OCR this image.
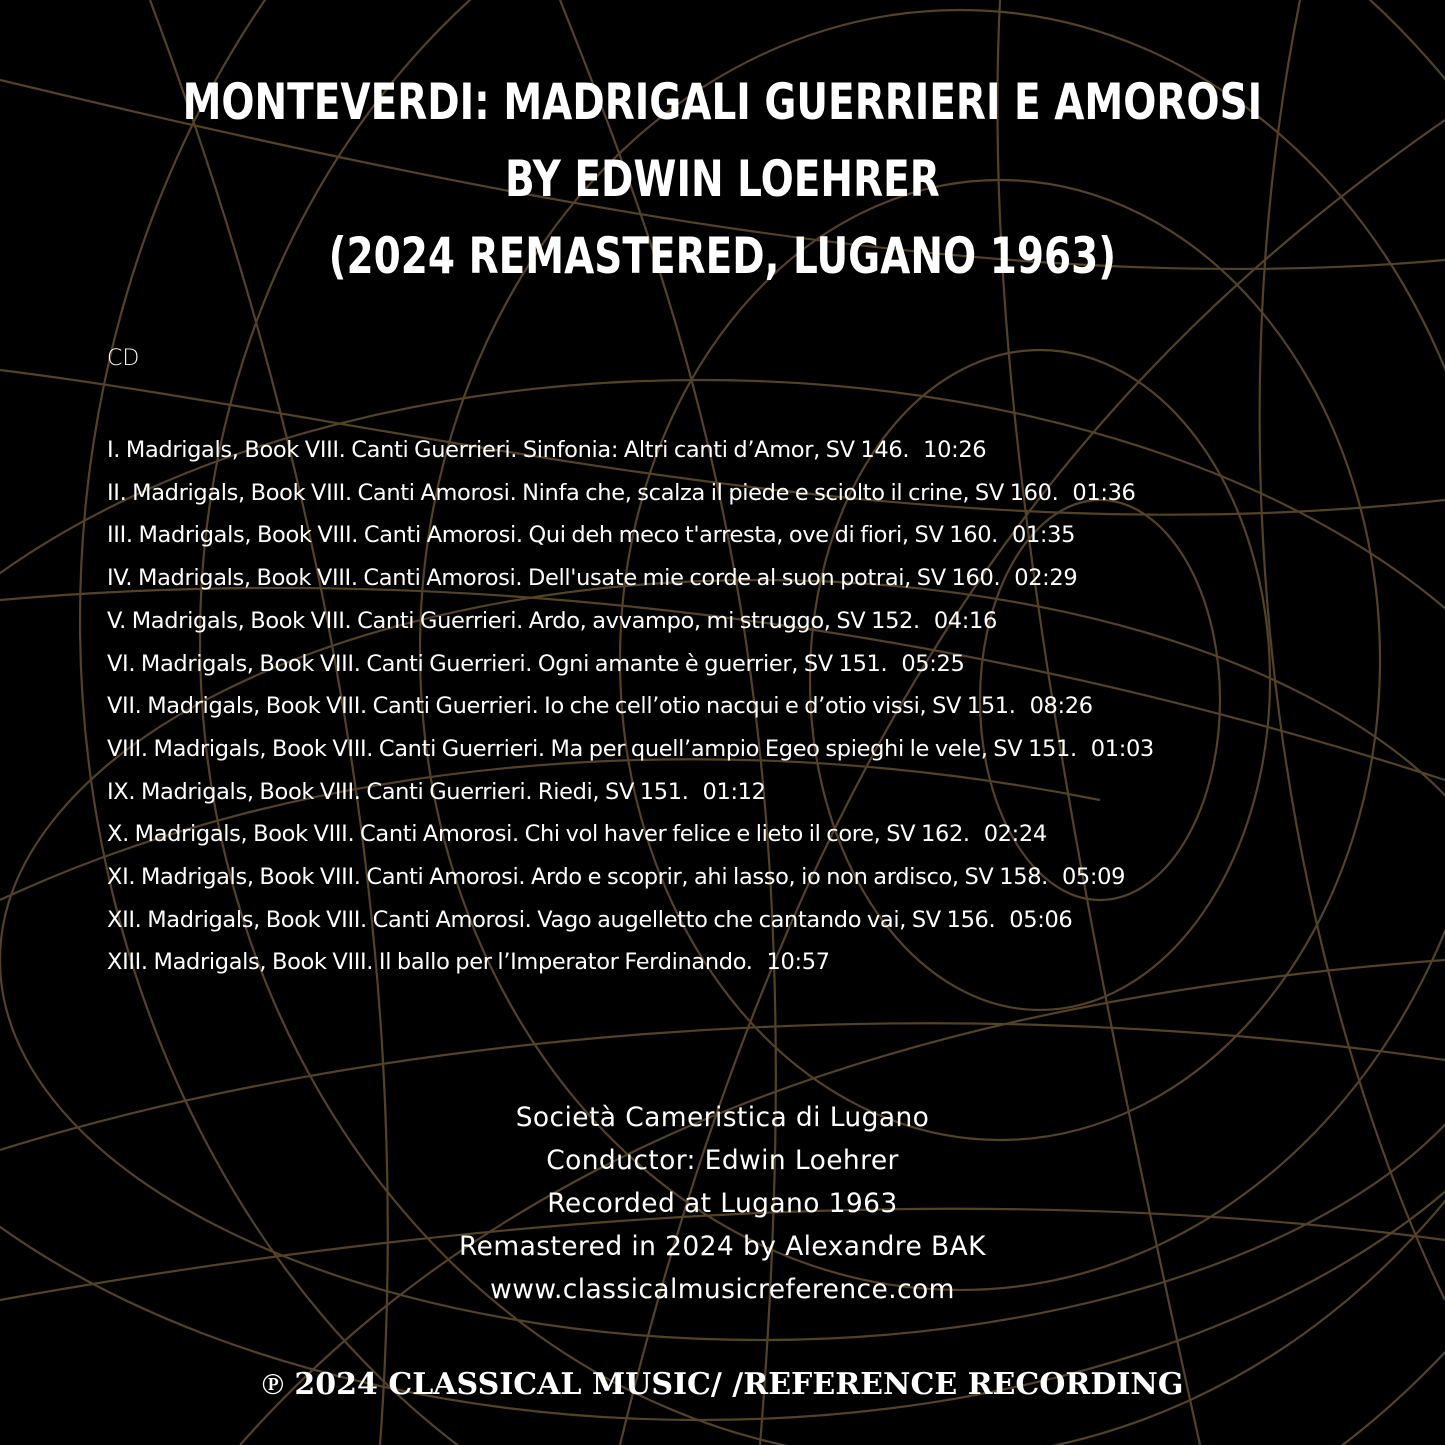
MONTEVERDI: MADRIGALI GUERRIERI E AMOROSI
BY EDWIN LOEHRER
(2024 REMASTERED, LUGANO 1963)
CD
I. Madrigals, Book VIII. Canti Guerrieri. Sinfonia: Altri canti d’Amor, SV 146. 10:26
II. Madrigals, Book VIII. Canti Amorosi. Ninfa che, scalza il piede e sciolto il crine, SV 160. 01:36
III. Madrigals, Book VIII. Canti Amorosi. Qui deh meco t'arresta, ove di fiori, SV 160. 01:35
IV. Madrigals, Book VIII. Canti Amorosi. Dell'usate mie corde al suon potrai, SV 160. 02:29
V. Madrigals, Book VIII. Canti Guerrieri. Ardo, avvampo, mi struggo, SV 152. 04:16
VI. Madrigals, Book VIII. Canti Guerrieri. Ogni amante è guerrier, SV 151. 05:25
VII. Madrigals, Book VIII. Canti Guerrieri. Io che cell’otio nacqui e d’otio vissi, SV 151. 08:26
VIII. Madrigals, Book VIII. Canti Guerrieri. Ma per quell’ampio Egeo spieghi le vele, SV 151. 01:03
IX. Madrigals, Book VIII. Canti Guerrieri. Riedi, SV 151. 01:12
X. Madrigals, Book VIII. Canti Amorosi. Chi vol haver felice e lieto il core, SV 162. 02:24
XI. Madrigals, Book VIII. Canti Amorosi. Ardo e scoprir, ahi lasso, io non ardisco, SV 158. 05:09
XII. Madrigals, Book VIII. Canti Amorosi. Vago augelletto che cantando vai, SV 156. 05:06
XIII. Madrigals, Book VIII. Il ballo per l’Imperator Ferdinando. 10:57
Società Cameristica di Lugano
Conductor: Edwin Loehrer
Recorded at Lugano 1963
Remastered in 2024 by Alexandre BAK
www.classicalmusicreference.com
℗ 2024 CLASSICAL MUSIC/ /REFERENCE RECORDING
